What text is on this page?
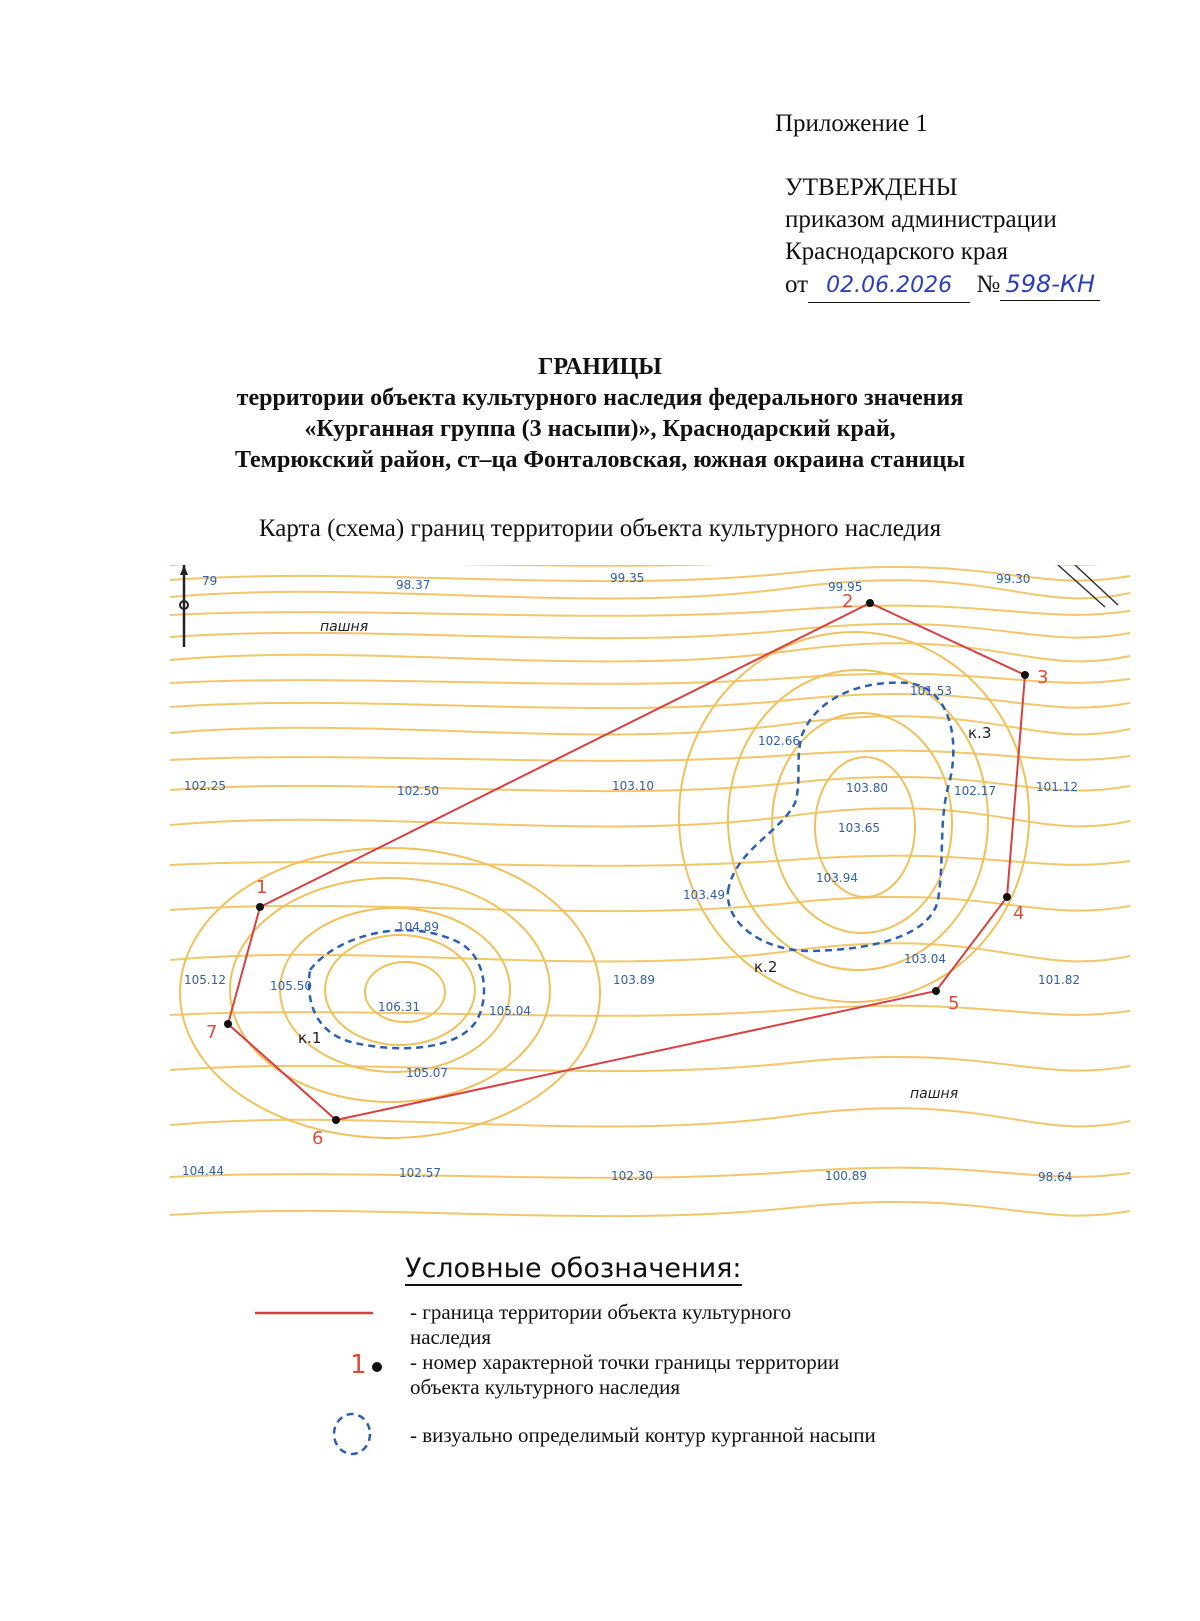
Приложение 1
УТВЕРЖДЕНЫ
приказом администрации
Краснодарского края
от 02.06.2026 № 598-КН
ГРАНИЦЫ
территории объекта культурного наследия федерального значения
«Курганная группа (3 насыпи)», Краснодарский край,
Темрюкский район, ст–ца Фонталовская, южная окраина станицы
Карта (схема) границ территории объекта культурного наследия
к.1
к.2
к.3
пашня
пашня
79	98.37	99.35
99.95
99.30
101.53
102.66
102.25	102.50	103.10	103.80	102.17	101.12
103.65
103.94
103.49
104.89
105.12	105.50
106.31	105.04
103.89
103.04
101.82
105.07
104.44	102.57	102.30	100.89	98.64
1
2
3
4
5
6
7
Условные обозначения:
- граница территории объекта культурного
наследия
1 - номер характерной точки границы территории
объекта культурного наследия
- визуально определимый контур курганной насыпи
